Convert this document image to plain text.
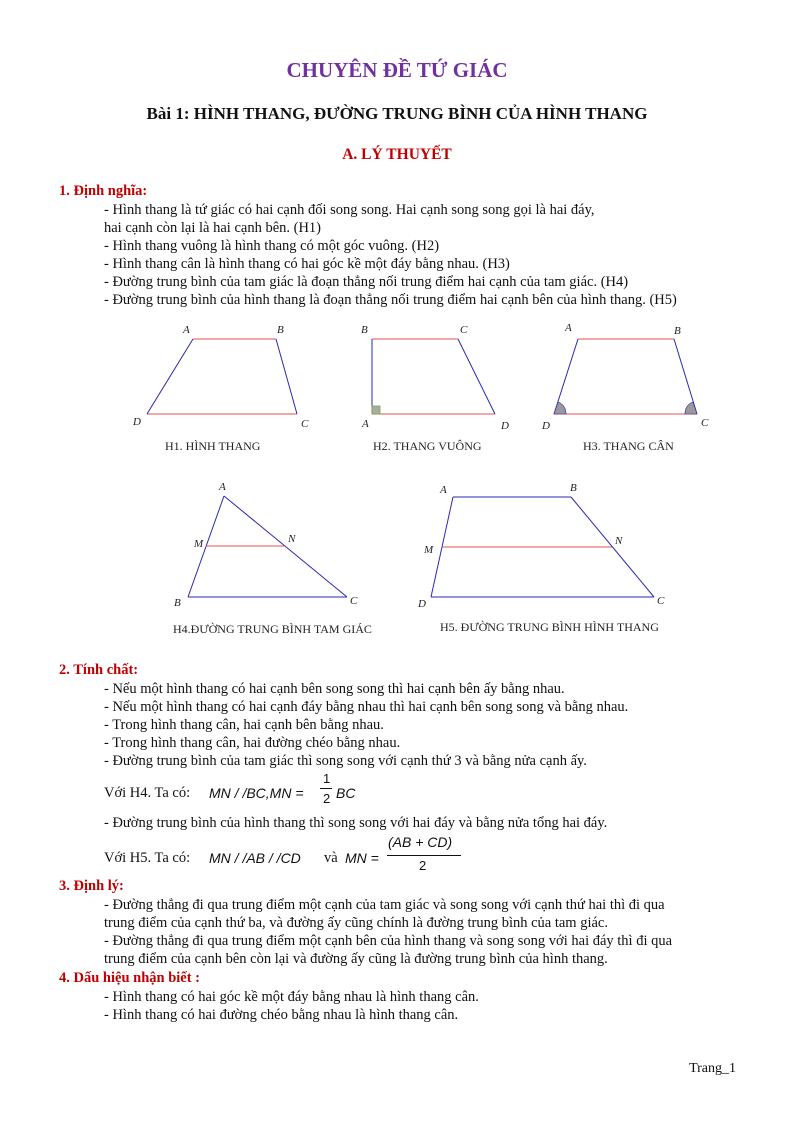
CHUYÊN ĐỀ TỨ GIÁC
Bài 1: HÌNH THANG, ĐƯỜNG TRUNG BÌNH CỦA HÌNH THANG
A. LÝ THUYẾT
1. Định nghĩa:
- Hình thang là tứ giác có hai cạnh đối song song. Hai cạnh song song gọi là hai đáy,
hai cạnh còn lại là hai cạnh bên. (H1)
- Hình thang vuông là hình thang có một góc vuông. (H2)
- Hình thang cân là hình thang có hai góc kề một đáy bằng nhau. (H3)
- Đường trung bình của tam giác là đoạn thẳng nối trung điểm hai cạnh của tam giác. (H4)
- Đường trung bình của hình thang là đoạn thẳng nối trung điểm hai cạnh bên của hình thang. (H5)
A	B
C
D
B	C
A	D
A	B
D	C
A
M	N
B	C
A	B
M
N
D	C
H1. HÌNH THANG	H2. THANG VUÔNG	H3. THANG CÂN
H4.ĐƯỜNG TRUNG BÌNH TAM GIÁC	H5. ĐƯỜNG TRUNG BÌNH HÌNH THANG
2. Tính chất:
- Nếu một hình thang có hai cạnh bên song song thì hai cạnh bên ấy bằng nhau.
- Nếu một hình thang có hai cạnh đáy bằng nhau thì hai cạnh bên song song và bằng nhau.
- Trong hình thang cân, hai cạnh bên bằng nhau.
- Trong hình thang cân, hai đường chéo bằng nhau.
- Đường trung bình của tam giác thì song song với cạnh thứ 3 và bằng nửa cạnh ấy.
Với H4. Ta có: MN / /BC,MN =
1
2 BC
- Đường trung bình của hình thang thì song song với hai đáy và bằng nửa tổng hai đáy.
Với H5. Ta có: MN / /AB / /CD và MN =
(AB + CD)
2
3. Định lý:
- Đường thẳng đi qua trung điểm một cạnh của tam giác và song song với cạnh thứ hai thì đi qua
trung điểm của cạnh thứ ba, và đường ấy cũng chính là đường trung bình của tam giác.
- Đường thẳng đi qua trung điểm một cạnh bên của hình thang và song song với hai đáy thì đi qua
trung điểm của cạnh bên còn lại và đường ấy cũng là đường trung bình của hình thang.
4. Dấu hiệu nhận biết :
- Hình thang có hai góc kề một đáy bằng nhau là hình thang cân.
- Hình thang có hai đường chéo bằng nhau là hình thang cân.
Trang_1
